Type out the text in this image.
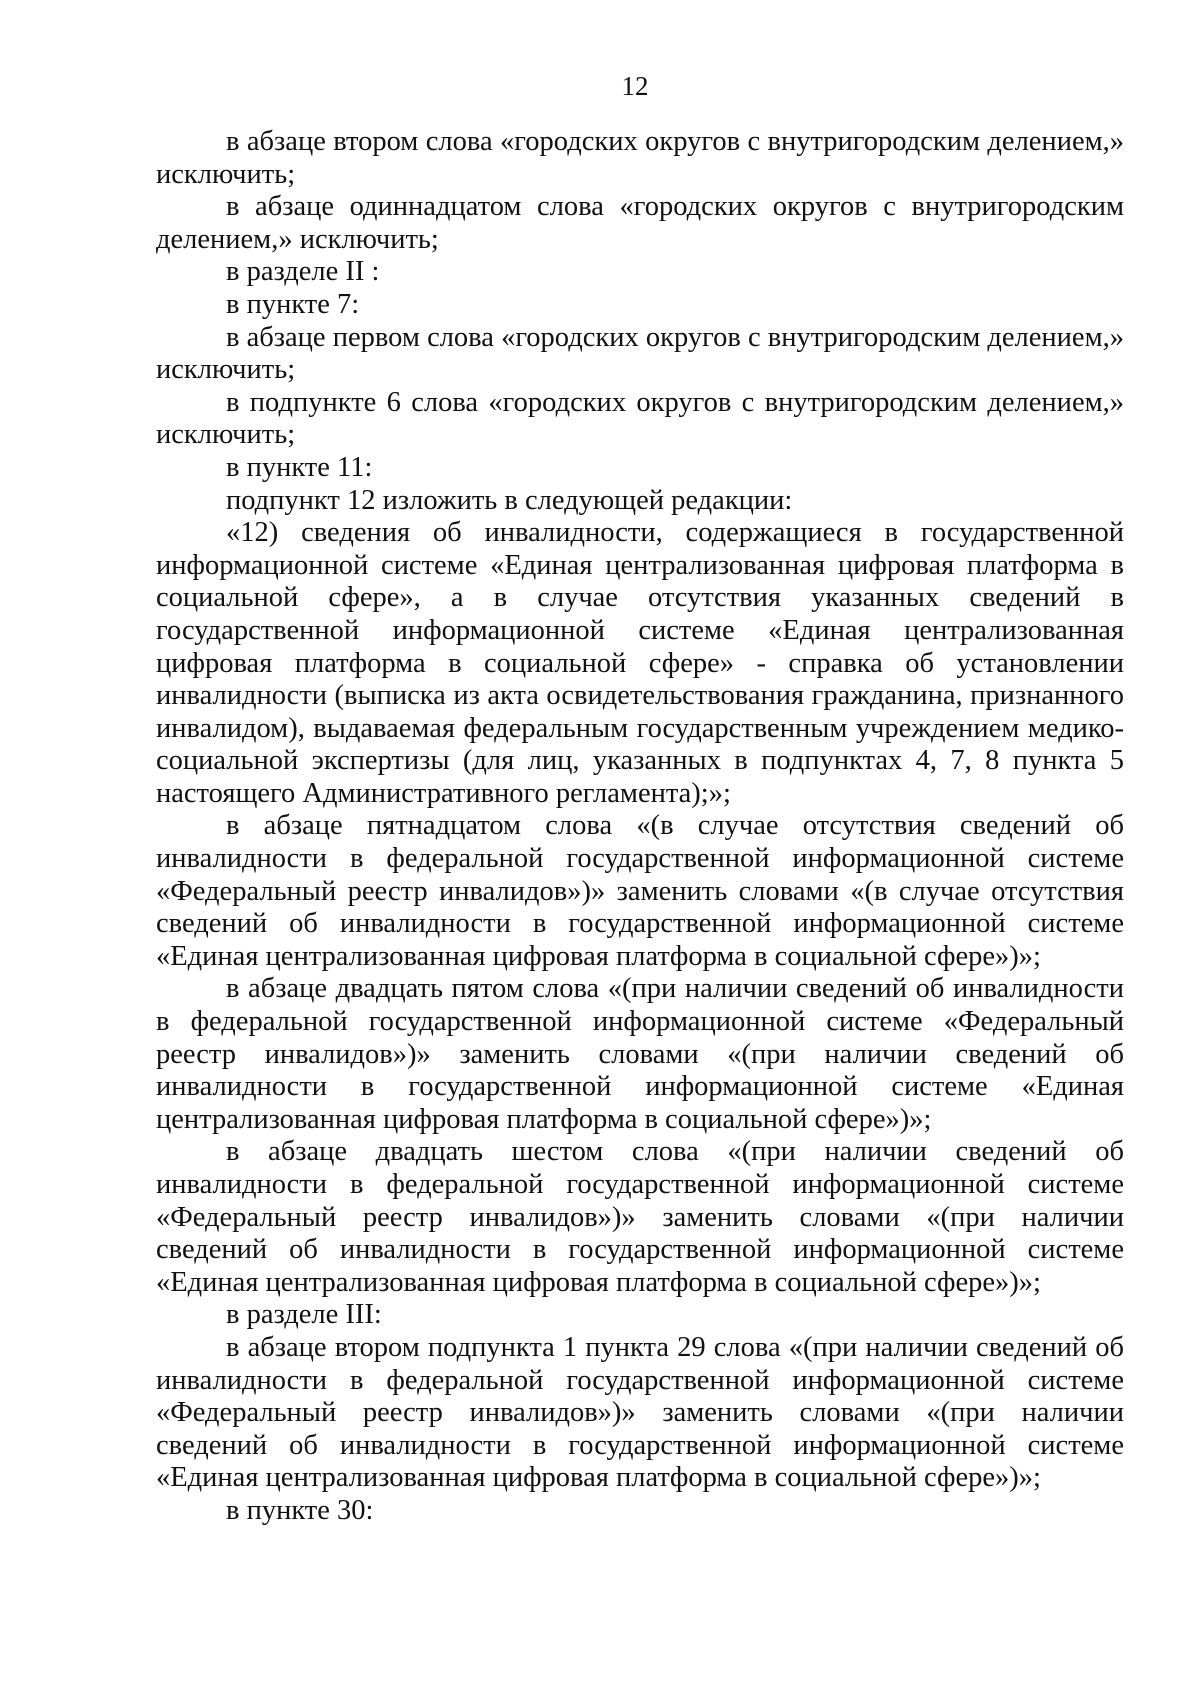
12

в абзаце втором слова «городских округов с внутригородским делением,» исключить;

в абзаце одиннадцатом слова «городских округов с внутригородским делением,» исключить;

в разделе II :

в пункте 7:

в абзаце первом слова «городских округов с внутригородским делением,» исключить;

в подпункте 6 слова «городских округов с внутригородским делением,» исключить;

в пункте 11:

подпункт 12 изложить в следующей редакции:

«12) сведения об инвалидности, содержащиеся в государственной информационной системе «Единая централизованная цифровая платформа в социальной сфере», а в случае отсутствия указанных сведений в государственной информационной системе «Единая централизованная цифровая платформа в социальной сфере» - справка об установлении инвалидности (выписка из акта освидетельствования гражданина, признанного инвалидом), выдаваемая федеральным государственным учреждением медико-социальной экспертизы (для лиц, указанных в подпунктах 4, 7, 8 пункта 5 настоящего Административного регламента);»;

в абзаце пятнадцатом слова «(в случае отсутствия сведений об инвалидности в федеральной государственной информационной системе «Федеральный реестр инвалидов»)» заменить словами «(в случае отсутствия сведений об инвалидности в государственной информационной системе «Единая централизованная цифровая платформа в социальной сфере»)»;

в абзаце двадцать пятом слова «(при наличии сведений об инвалидности в федеральной государственной информационной системе «Федеральный реестр инвалидов»)» заменить словами «(при наличии сведений об инвалидности в государственной информационной системе «Единая централизованная цифровая платформа в социальной сфере»)»;

в абзаце двадцать шестом слова «(при наличии сведений об инвалидности в федеральной государственной информационной системе «Федеральный реестр инвалидов»)» заменить словами «(при наличии сведений об инвалидности в государственной информационной системе «Единая централизованная цифровая платформа в социальной сфере»)»;

в разделе III:

в абзаце втором подпункта 1 пункта 29 слова «(при наличии сведений об инвалидности в федеральной государственной информационной системе «Федеральный реестр инвалидов»)» заменить словами «(при наличии сведений об инвалидности в государственной информационной системе «Единая централизованная цифровая платформа в социальной сфере»)»;

в пункте 30:
